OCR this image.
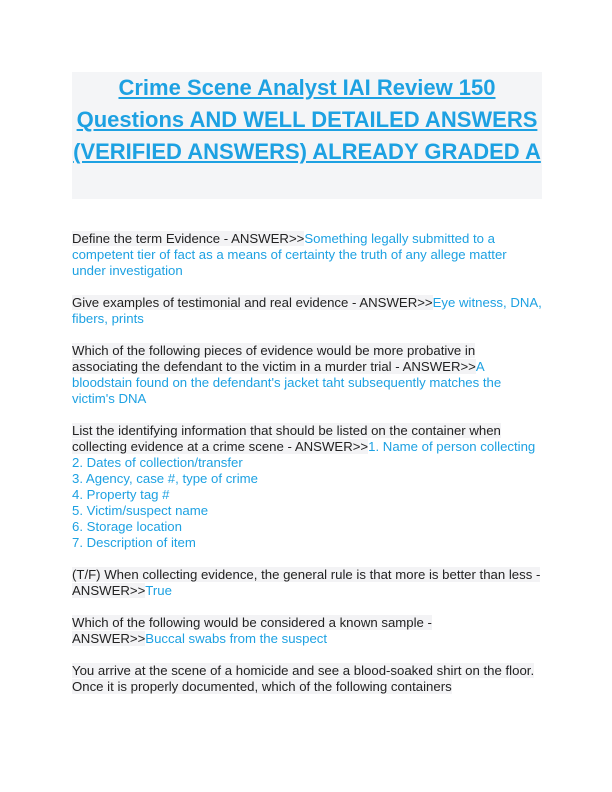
Crime Scene Analyst IAI Review 150 Questions AND WELL DETAILED ANSWERS (VERIFIED ANSWERS) ALREADY GRADED A

Define the term Evidence - ANSWER>>Something legally submitted to a competent tier of fact as a means of certainty the truth of any allege matter under investigation

Give examples of testimonial and real evidence - ANSWER>>Eye witness, DNA, fibers, prints

Which of the following pieces of evidence would be more probative in associating the defendant to the victim in a murder trial - ANSWER>>A bloodstain found on the defendant's jacket taht subsequently matches the victim's DNA

List the identifying information that should be listed on the container when collecting evidence at a crime scene - ANSWER>>1. Name of person collecting
2. Dates of collection/transfer
3. Agency, case #, type of crime
4. Property tag #
5. Victim/suspect name
6. Storage location
7. Description of item

(T/F) When collecting evidence, the general rule is that more is better than less - ANSWER>>True

Which of the following would be considered a known sample - ANSWER>>Buccal swabs from the suspect

You arrive at the scene of a homicide and see a blood-soaked shirt on the floor. Once it is properly documented, which of the following containers
